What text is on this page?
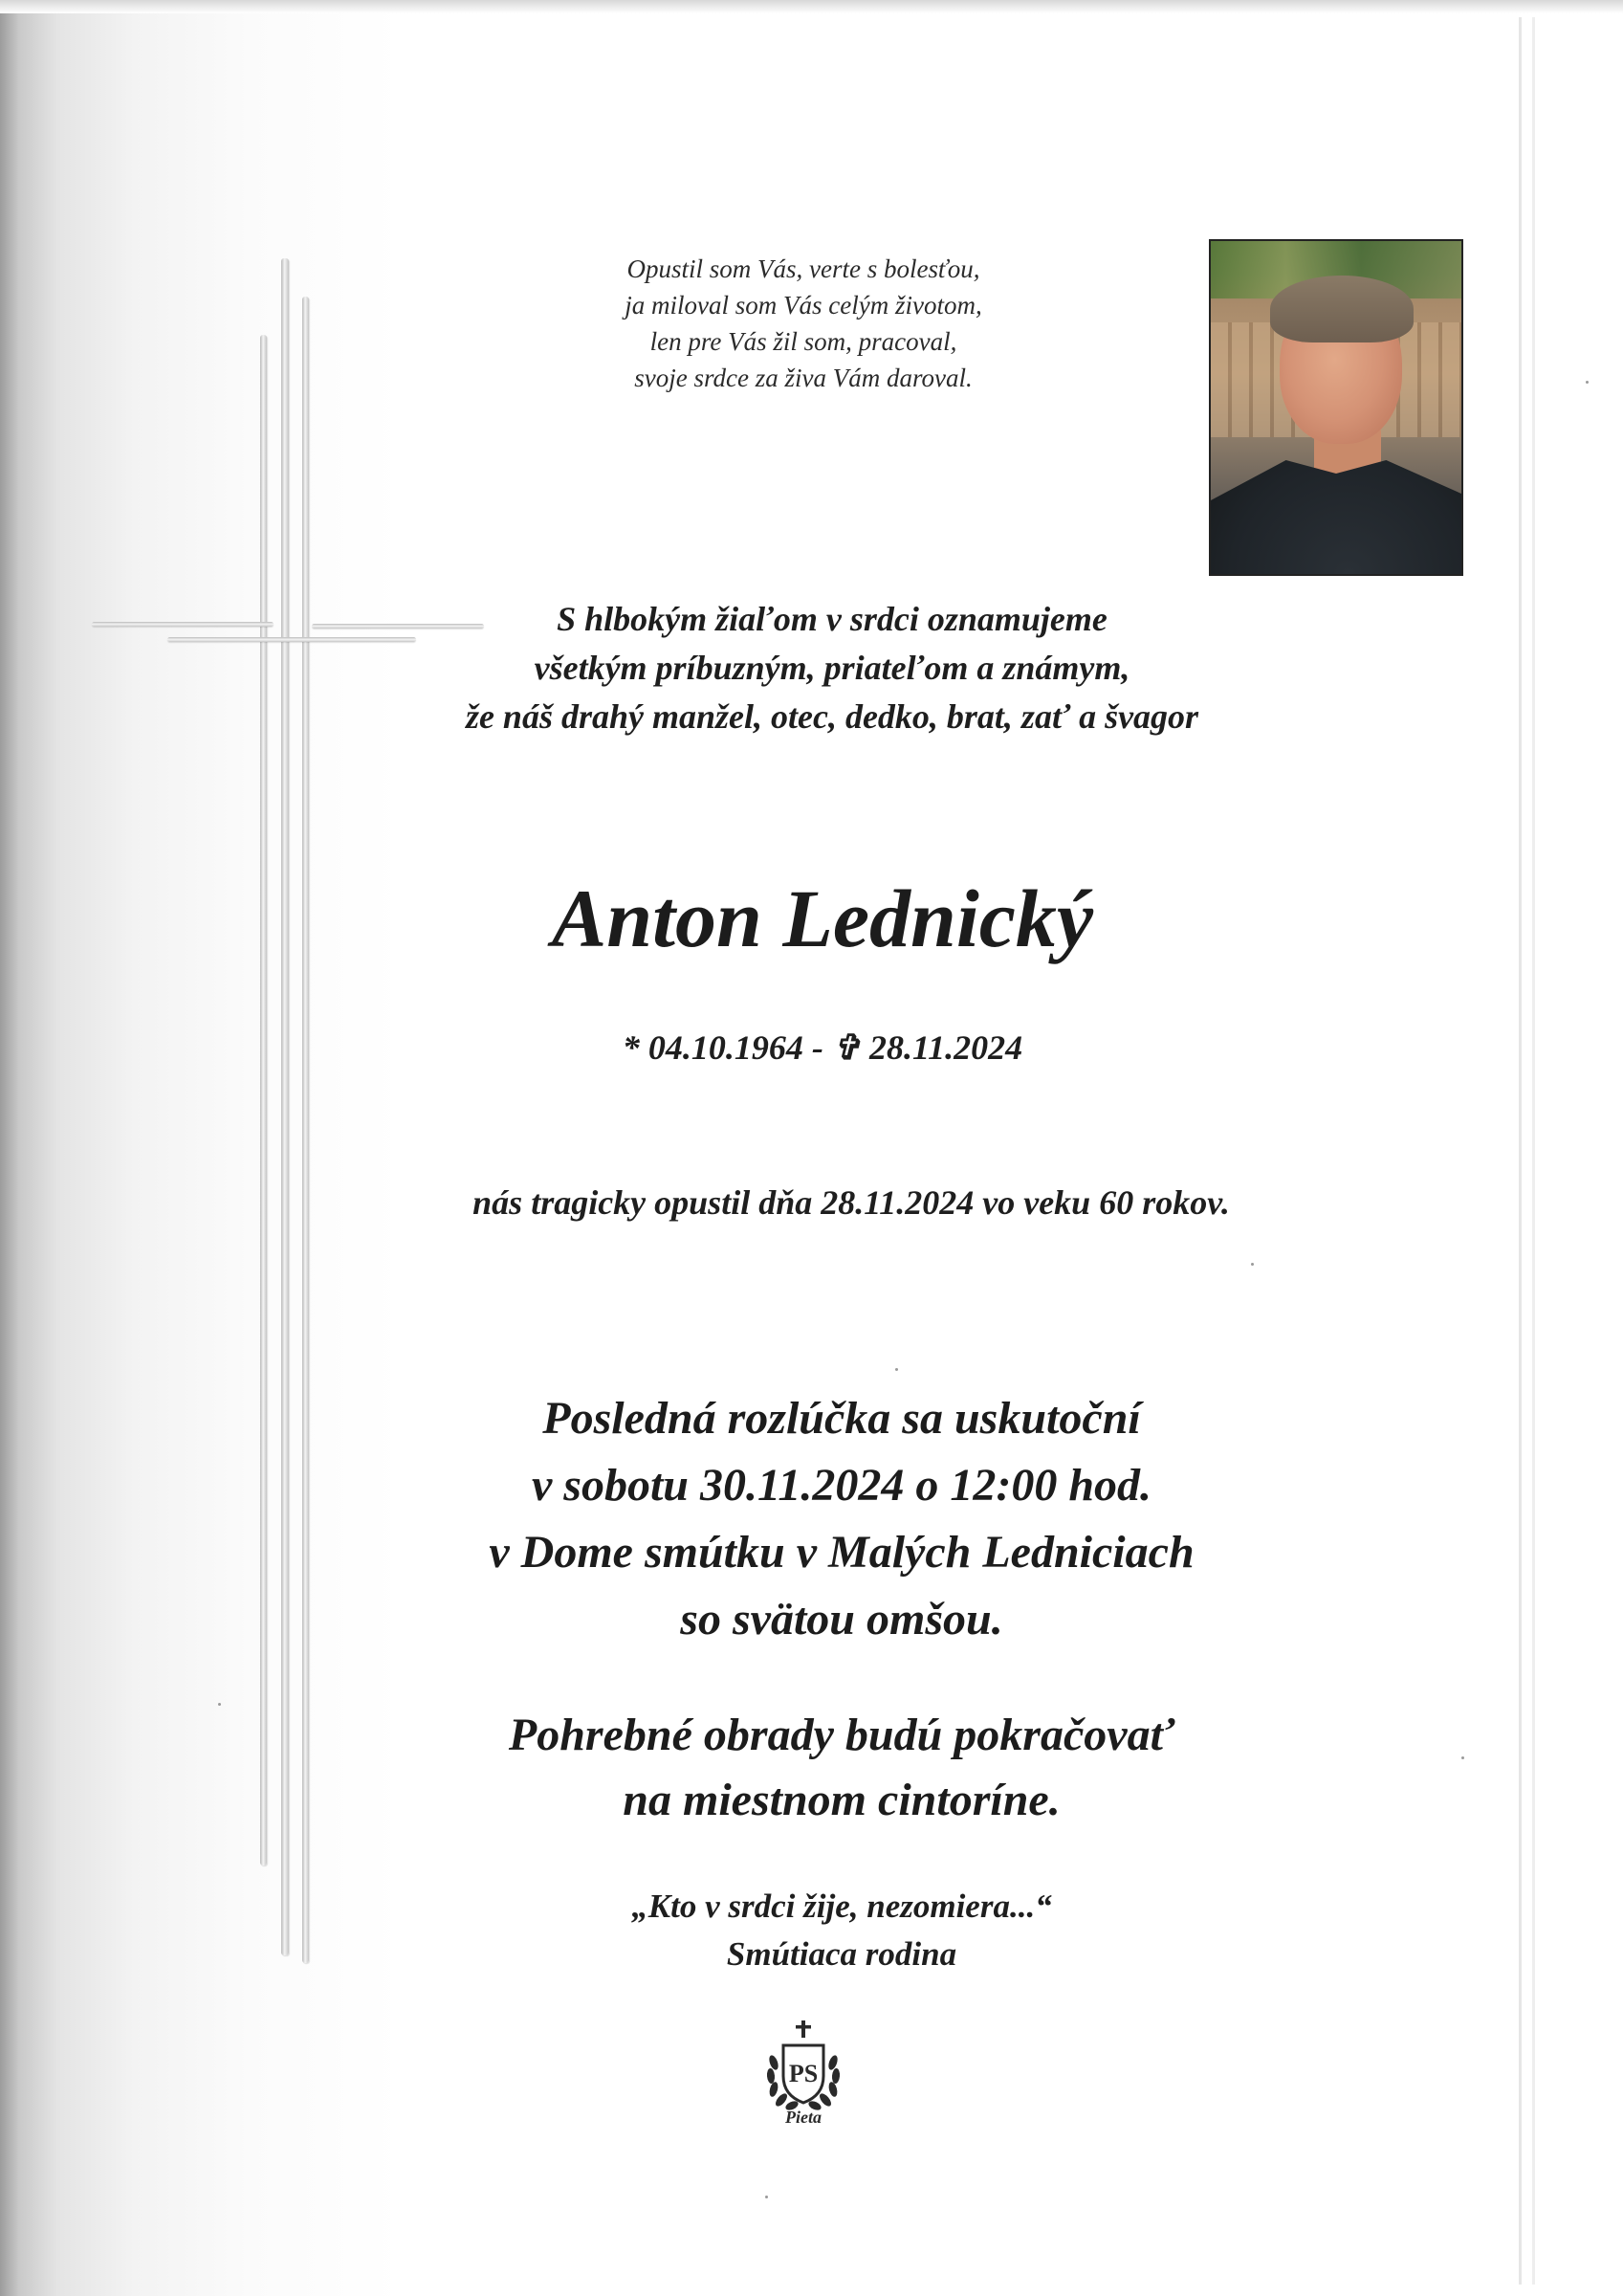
Opustil som Vás, verte s bolesťou,
ja miloval som Vás celým životom,
len pre Vás žil som, pracoval,
svoje srdce za živa Vám daroval.
S hlbokým žiaľom v srdci oznamujeme
všetkým príbuzným, priateľom a známym,
že náš drahý manžel, otec, dedko, brat, zať a švagor
Anton Lednický
* 04.10.1964 - ✞ 28.11.2024
nás tragicky opustil dňa 28.11.2024 vo veku 60 rokov.
Posledná rozlúčka sa uskutoční
v sobotu 30.11.2024 o 12:00 hod.
v Dome smútku v Malých Ledniciach
so svätou omšou.
Pohrebné obrady budú pokračovať
na miestnom cintoríne.
„Kto v srdci žije, nezomiera...“
Smútiaca rodina
PS
Pieta
